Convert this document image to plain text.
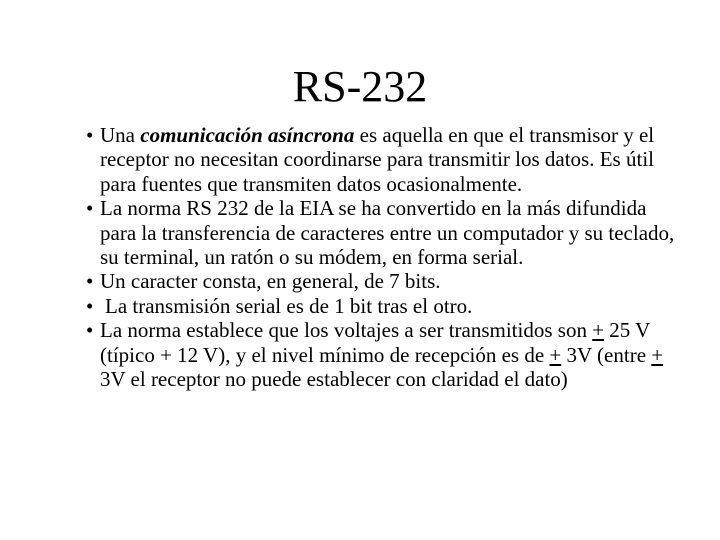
RS-232
• Una comunicación asíncrona es aquella en que el transmisor y el receptor no necesitan coordinarse para transmitir los datos. Es útil para fuentes que transmiten datos ocasionalmente.
• La norma RS 232 de la EIA se ha convertido en la más difundida para la transferencia de caracteres entre un computador y su teclado, su terminal, un ratón o su módem, en forma serial.
• Un caracter consta, en general, de 7 bits.
• La transmisión serial es de 1 bit tras el otro.
• La norma establece que los voltajes a ser transmitidos son + 25 V (típico + 12 V), y el nivel mínimo de recepción es de + 3V (entre + 3V el receptor no puede establecer con claridad el dato)
